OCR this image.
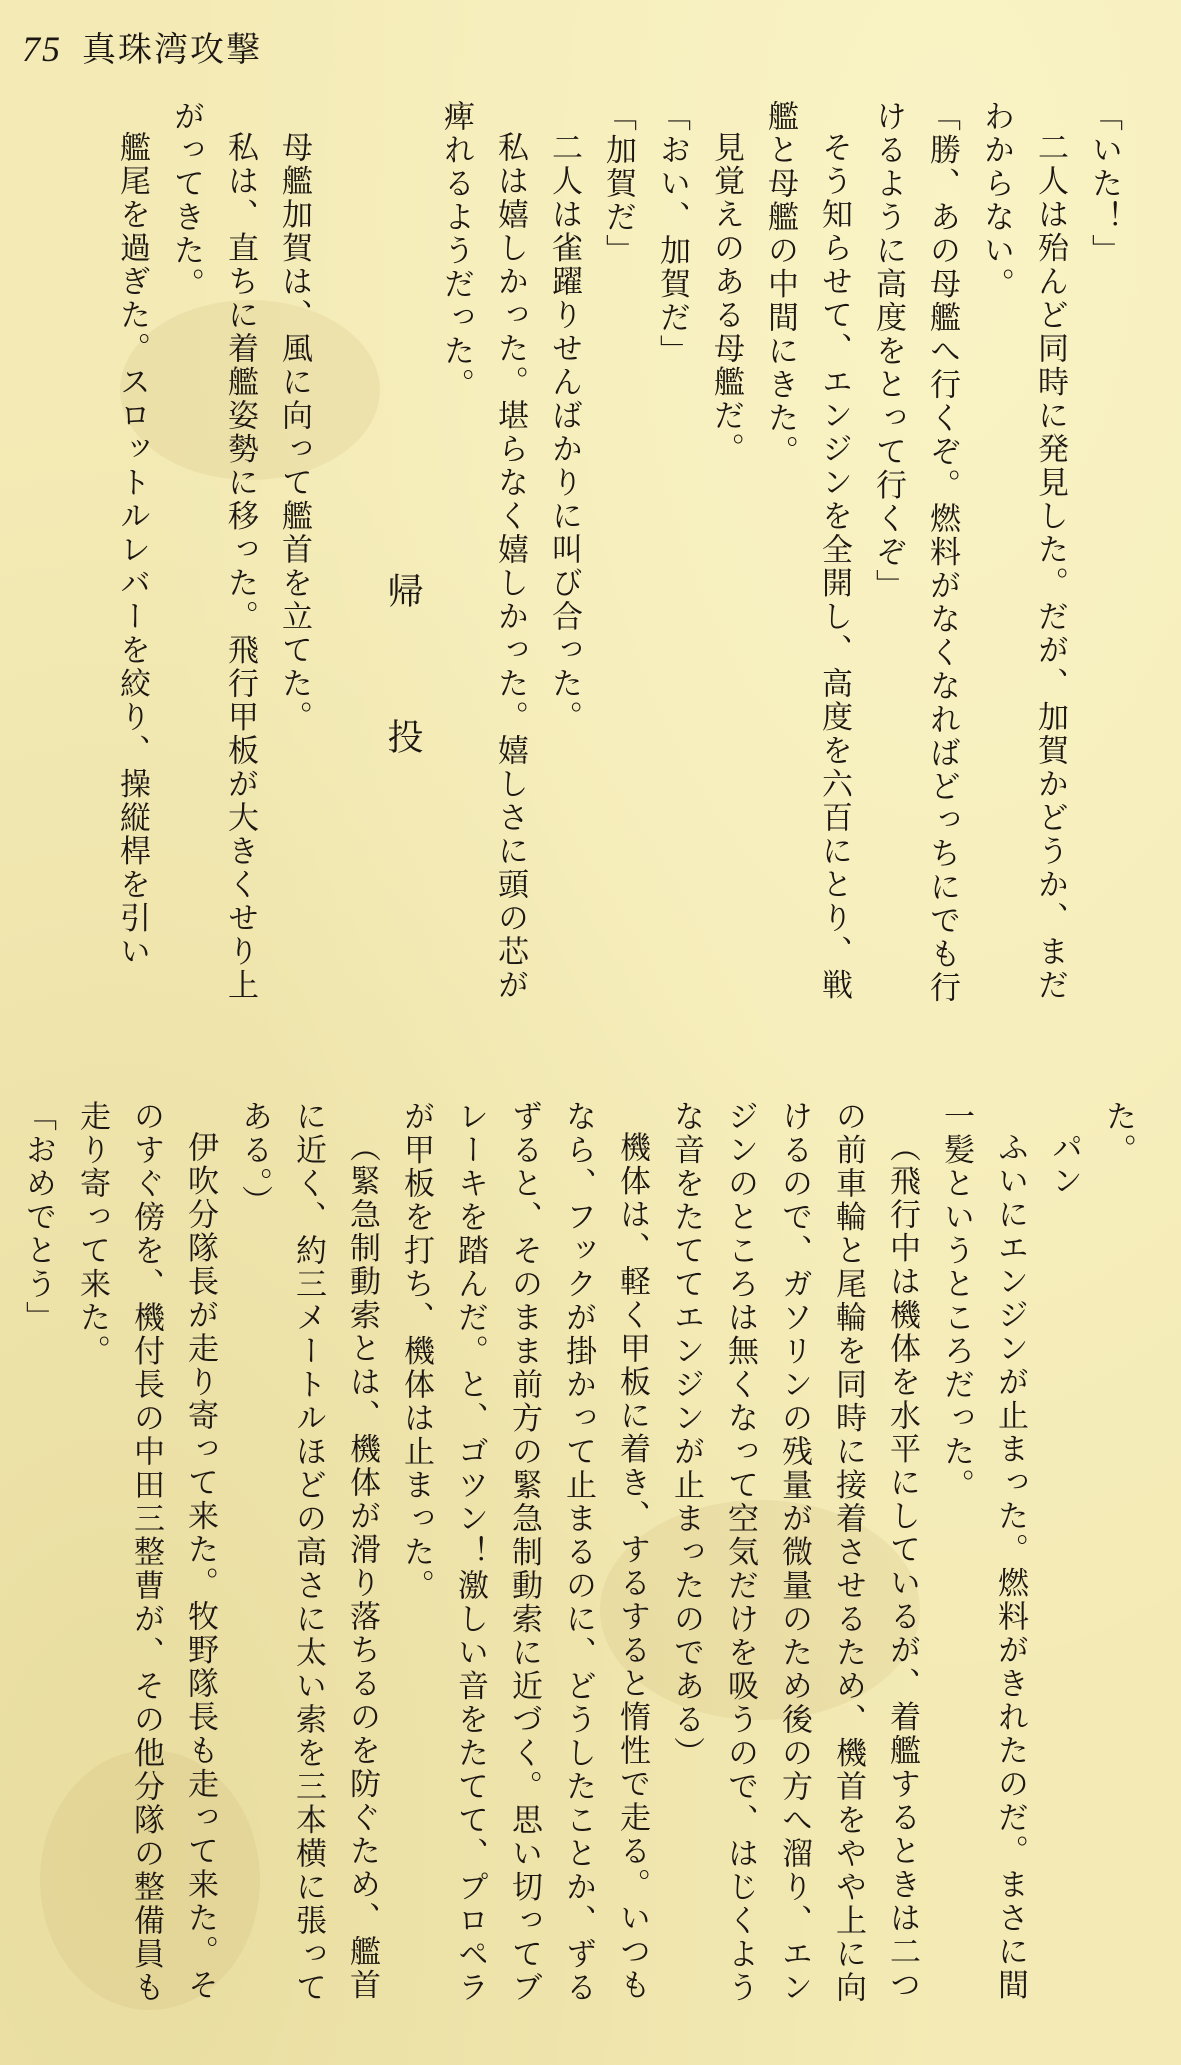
75 真珠湾攻撃

「いた！」

二人は殆んど同時に発見した。だが、加賀かどうか、まだ

わからない。

「勝、あの母艦へ行くぞ。燃料がなくなればどっちにでも行

けるように高度をとって行くぞ」

そう知らせて、エンジンを全開し、高度を六百にとり、戦

艦と母艦の中間にきた。

見覚えのある母艦だ。

「おい、加賀だ」

「加賀だ」

二人は雀躍りせんばかりに叫び合った。

私は嬉しかった。堪らなく嬉しかった。嬉しさに頭の芯が

痺れるようだった。

帰投

母艦加賀は、風に向って艦首を立てた。

私は、直ちに着艦姿勢に移った。飛行甲板が大きくせり上

がってきた。

艦尾を過ぎた。スロットルレバーを絞り、操縦桿を引い

た。

パン

ふいにエンジンが止まった。燃料がきれたのだ。まさに間

一髪というところだった。

（飛行中は機体を水平にしているが、着艦するときは二つ

の前車輪と尾輪を同時に接着させるため、機首をやや上に向

けるので、ガソリンの残量が微量のため後の方へ溜り、エン

ジンのところは無くなって空気だけを吸うので、はじくよう

な音をたててエンジンが止まったのである）

機体は、軽く甲板に着き、するすると惰性で走る。いつも

なら、フックが掛かって止まるのに、どうしたことか、ずる

ずると、そのまま前方の緊急制動索に近づく。思い切ってブ

レーキを踏んだ。と、ゴツン！激しい音をたてて、プロペラ

が甲板を打ち、機体は止まった。

（緊急制動索とは、機体が滑り落ちるのを防ぐため、艦首

に近く、約三メートルほどの高さに太い索を三本横に張って

ある。）

伊吹分隊長が走り寄って来た。牧野隊長も走って来た。そ

のすぐ傍を、機付長の中田三整曹が、その他分隊の整備員も

走り寄って来た。

「おめでとう」
